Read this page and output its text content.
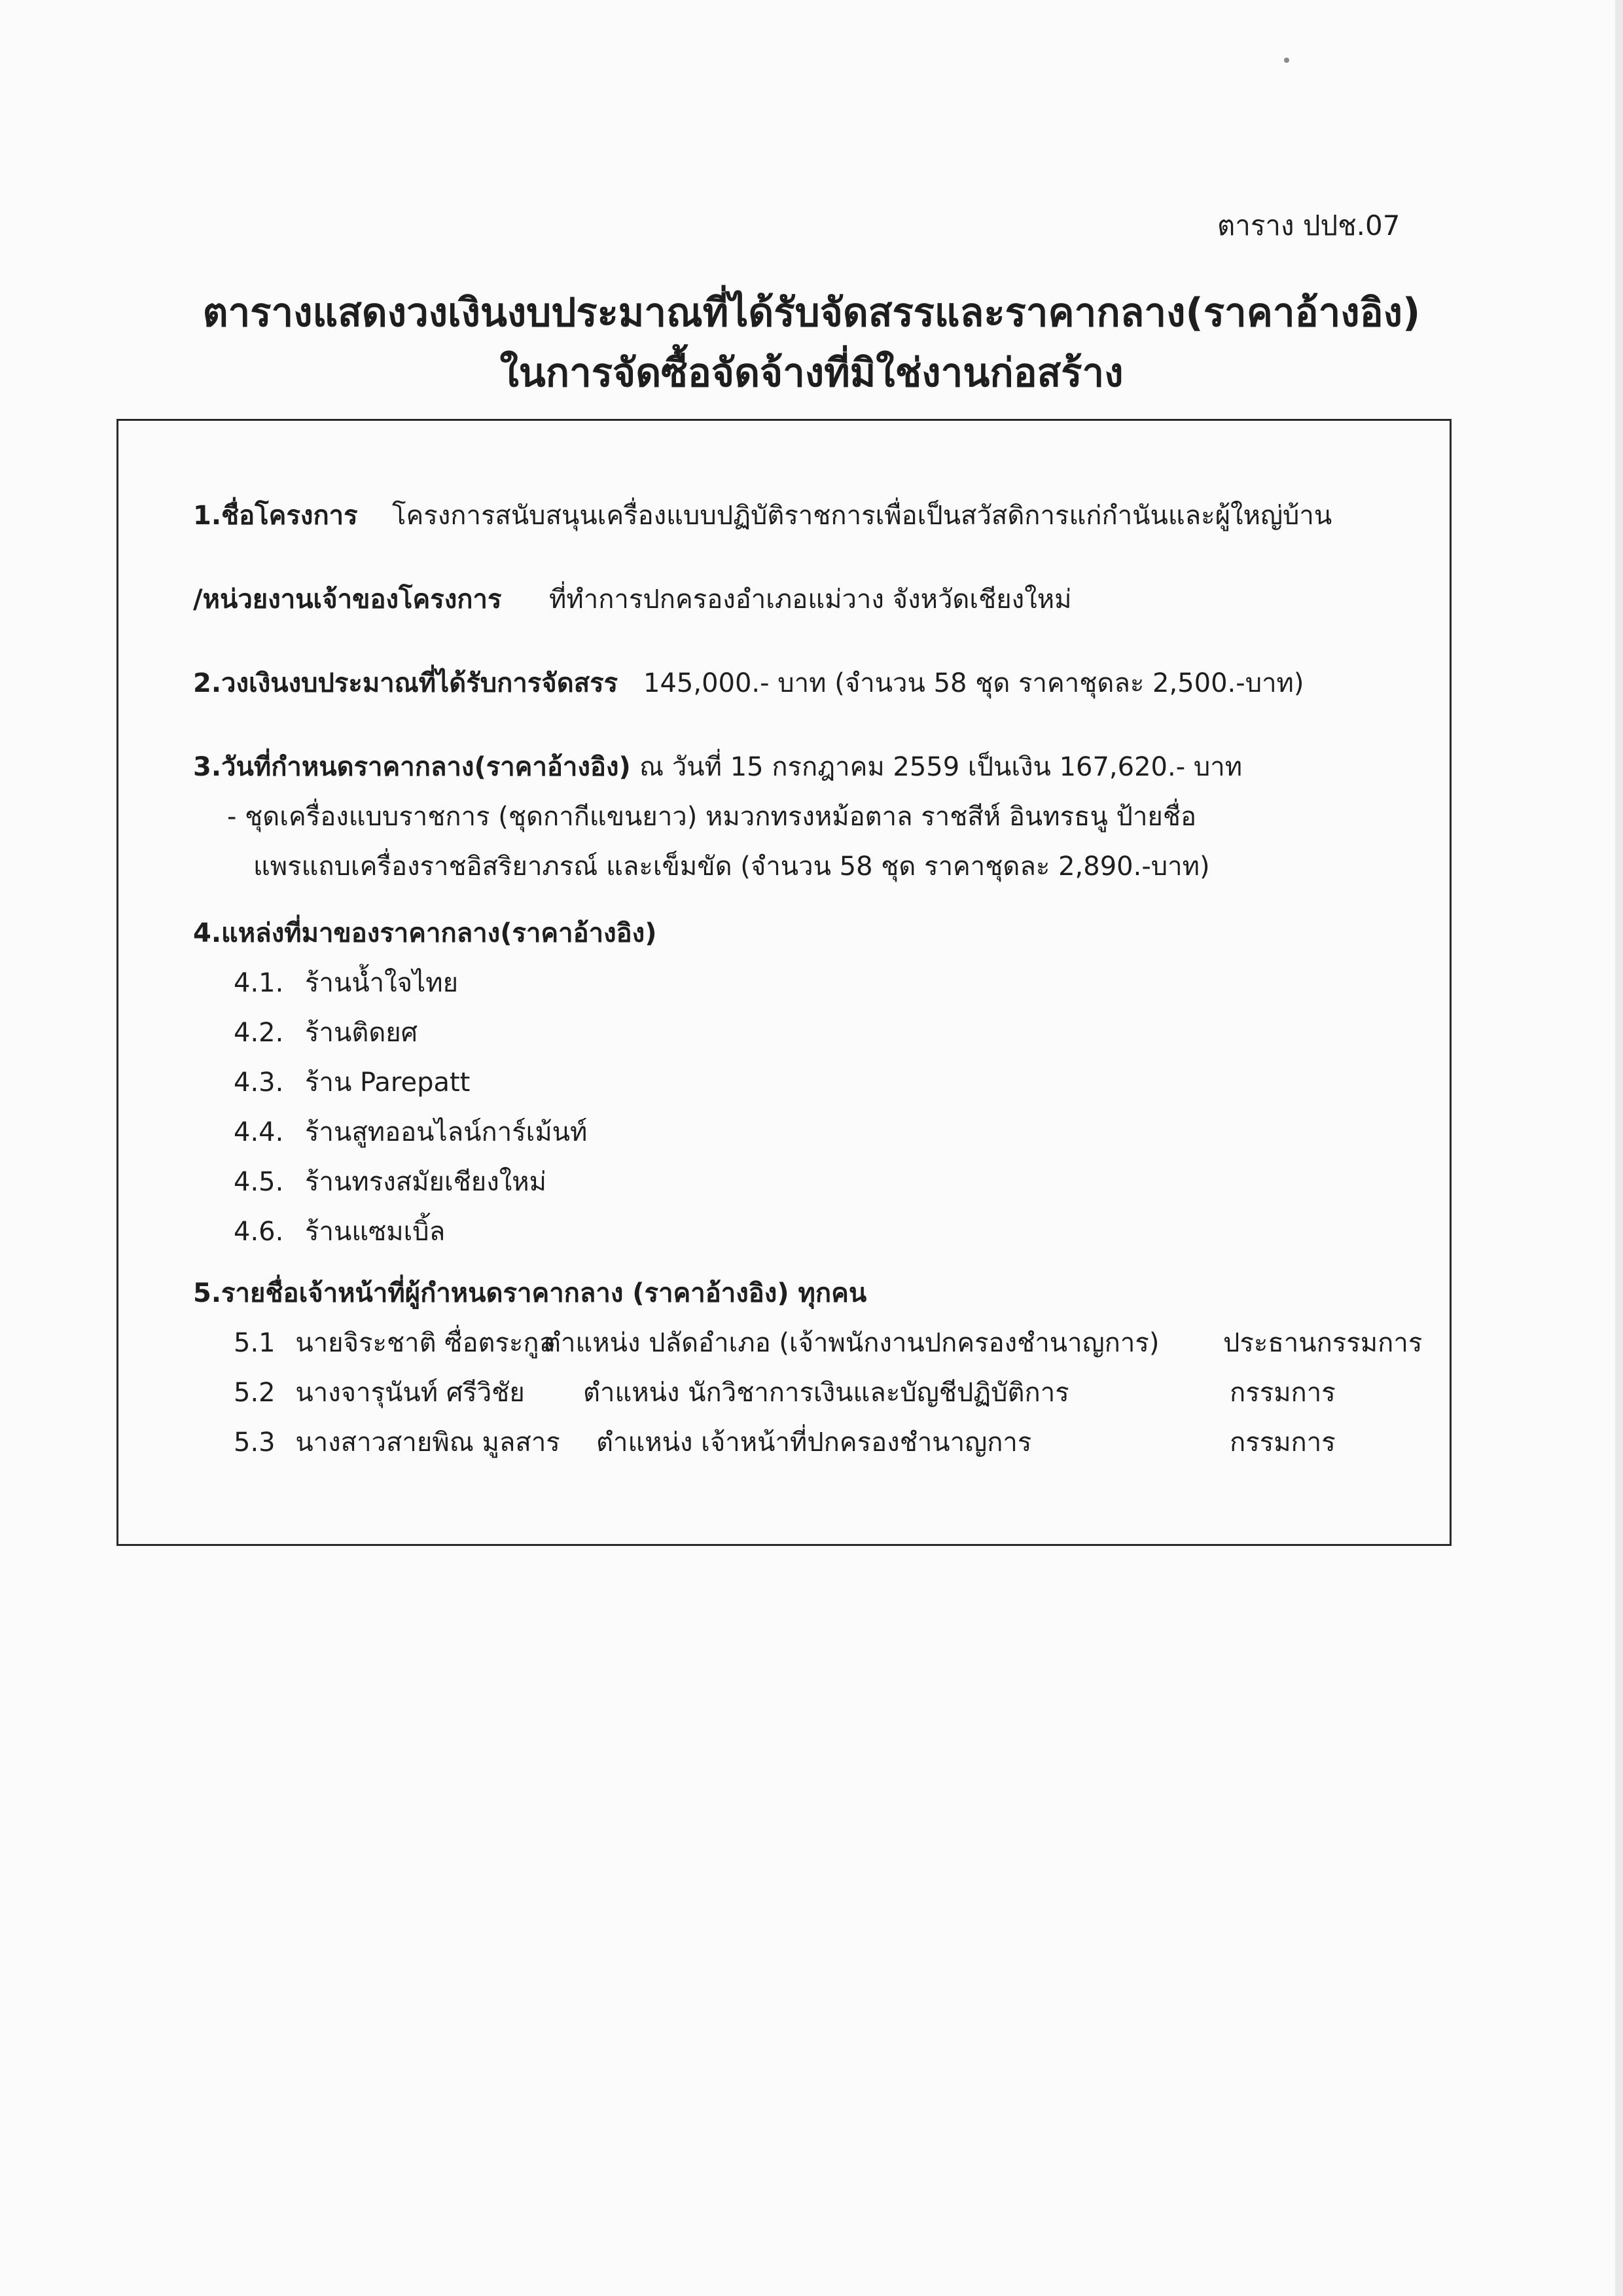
ตาราง ปปช.07
ตารางแสดงวงเงินงบประมาณที่ได้รับจัดสรรและราคากลาง(ราคาอ้างอิง)
ในการจัดซื้อจัดจ้างที่มิใช่งานก่อสร้าง
1.ชื่อโครงการ โครงการสนับสนุนเครื่องแบบปฏิบัติราชการเพื่อเป็นสวัสดิการแก่กำนันและผู้ใหญ่บ้าน
/หน่วยงานเจ้าของโครงการ ที่ทำการปกครองอำเภอแม่วาง จังหวัดเชียงใหม่
2.วงเงินงบประมาณที่ได้รับการจัดสรร 145,000.- บาท (จำนวน 58 ชุด ราคาชุดละ 2,500.-บาท)
3.วันที่กำหนดราคากลาง(ราคาอ้างอิง) ณ วันที่ 15 กรกฎาคม 2559 เป็นเงิน 167,620.- บาท
- ชุดเครื่องแบบราชการ (ชุดกากีแขนยาว) หมวกทรงหม้อตาล ราชสีห์ อินทรธนู ป้ายชื่อ
แพรแถบเครื่องราชอิสริยาภรณ์ และเข็มขัด (จำนวน 58 ชุด ราคาชุดละ 2,890.-บาท)
4.แหล่งที่มาของราคากลาง(ราคาอ้างอิง)
4.1. ร้านน้ำใจไทย
4.2. ร้านติดยศ
4.3. ร้าน Parepatt
4.4. ร้านสูทออนไลน์การ์เม้นท์
4.5. ร้านทรงสมัยเชียงใหม่
4.6. ร้านแซมเบิ้ล
5.รายชื่อเจ้าหน้าที่ผู้กำหนดราคากลาง (ราคาอ้างอิง) ทุกคน
5.1 นายจิระชาติ ซื่อตระกูล
ตำแหน่ง ปลัดอำเภอ (เจ้าพนักงานปกครองชำนาญการ) ประธานกรรมการ
5.2 นางจารุนันท์ ศรีวิชัย ตำแหน่ง นักวิชาการเงินและบัญชีปฏิบัติการ	กรรมการ
5.3 นางสาวสายพิณ มูลสาร ตำแหน่ง เจ้าหน้าที่ปกครองชำนาญการ	กรรมการ
